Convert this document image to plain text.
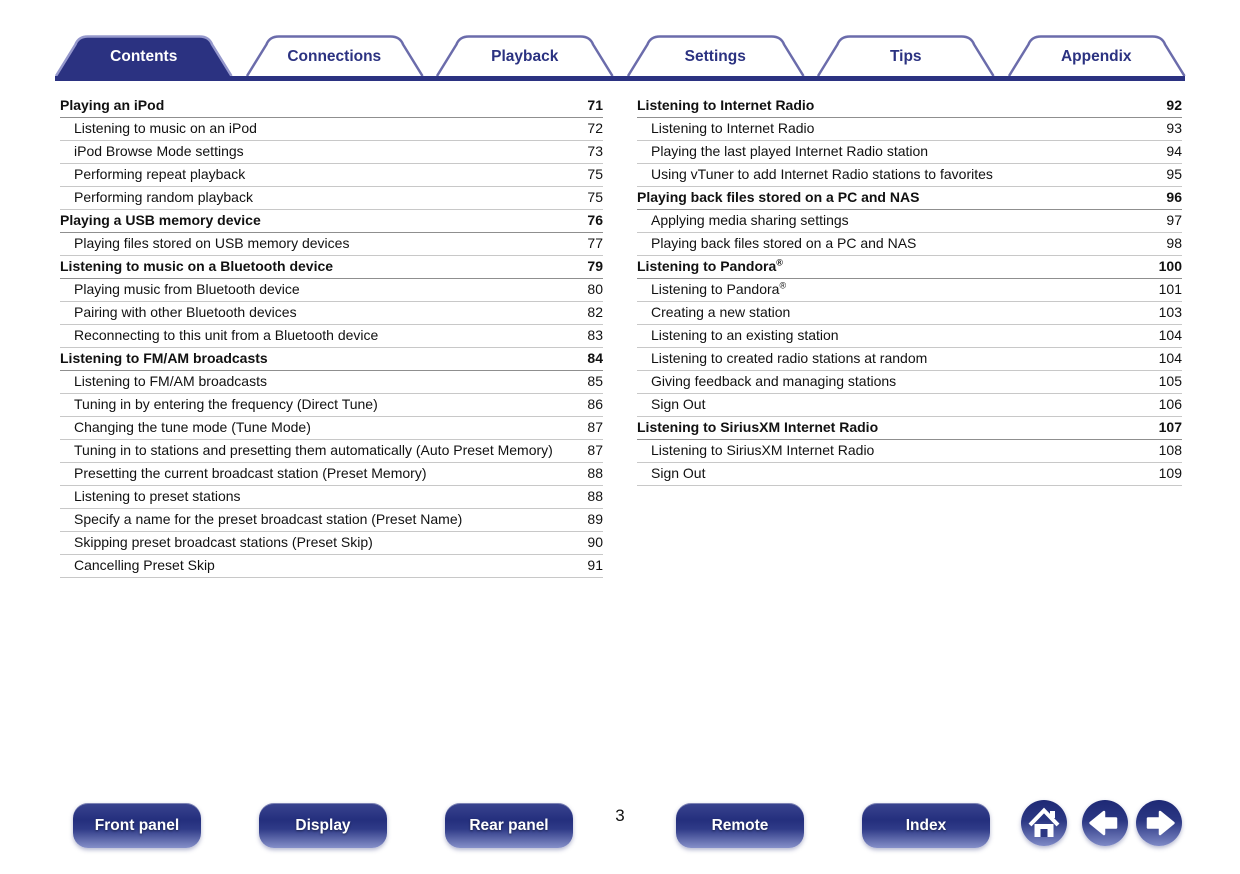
Contents	Connections	Playback	Settings	Tips	Appendix
Playing an iPod	71
Listening to music on an iPod	72
iPod Browse Mode settings	73
Performing repeat playback	75
Performing random playback	75
Playing a USB memory device	76
Playing files stored on USB memory devices	77
Listening to music on a Bluetooth device	79
Playing music from Bluetooth device	80
Pairing with other Bluetooth devices	82
Reconnecting to this unit from a Bluetooth device	83
Listening to FM/AM broadcasts	84
Listening to FM/AM broadcasts	85
Tuning in by entering the frequency (Direct Tune)	86
Changing the tune mode (Tune Mode)	87
Tuning in to stations and presetting them automatically (Auto Preset Memory) 87
Presetting the current broadcast station (Preset Memory)	88
Listening to preset stations	88
Specify a name for the preset broadcast station (Preset Name)	89
Skipping preset broadcast stations (Preset Skip)	90
Cancelling Preset Skip	91
Listening to Internet Radio	92
Listening to Internet Radio	93
Playing the last played Internet Radio station	94
Using vTuner to add Internet Radio stations to favorites	95
Playing back files stored on a PC and NAS	96
Applying media sharing settings	97
Playing back files stored on a PC and NAS	98
Listening to Pandora®	100
Listening to Pandora®	101
Creating a new station	103
Listening to an existing station	104
Listening to created radio stations at random	104
Giving feedback and managing stations	105
Sign Out	106
Listening to SiriusXM Internet Radio	107
Listening to SiriusXM Internet Radio	108
Sign Out	109
Front panel	Display	Rear panel	3	Remote	Index
